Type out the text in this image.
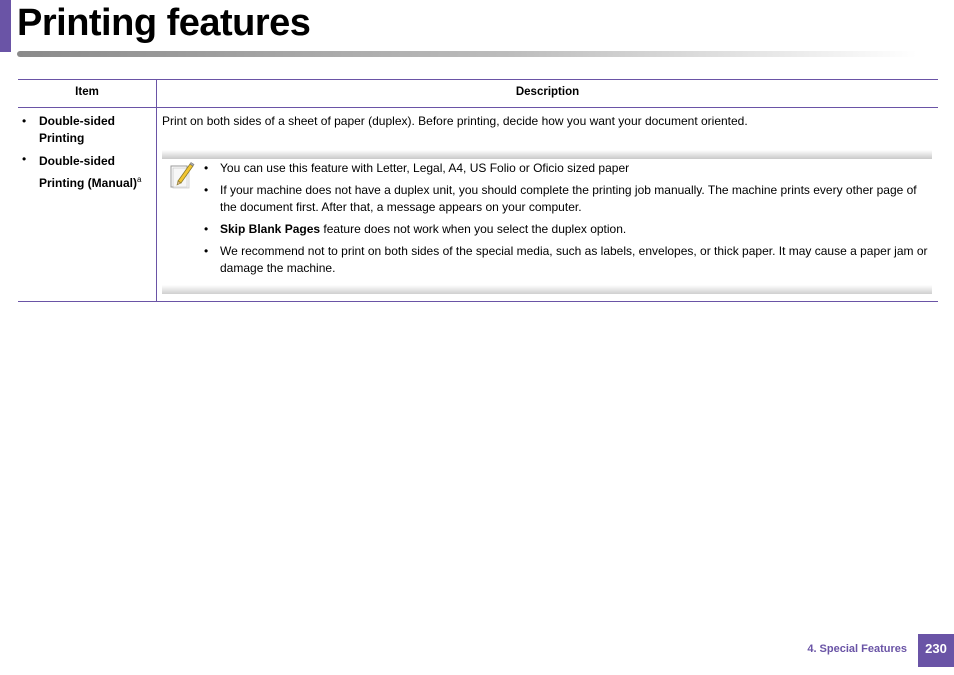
Printing features
Item	Description
• Double-sided Printing
• Double-sided Printing (Manual)$^a$
Print on both sides of a sheet of paper (duplex). Before printing, decide how you want your document oriented.
• You can use this feature with Letter, Legal, A4, US Folio or Oficio sized paper
• If your machine does not have a duplex unit, you should complete the printing job manually. The machine prints every other page of the document first. After that, a message appears on your computer.
• Skip Blank Pages feature does not work when you select the duplex option.
• We recommend not to print on both sides of the special media, such as labels, envelopes, or thick paper. It may cause a paper jam or damage the machine.
4. Special Features	230
